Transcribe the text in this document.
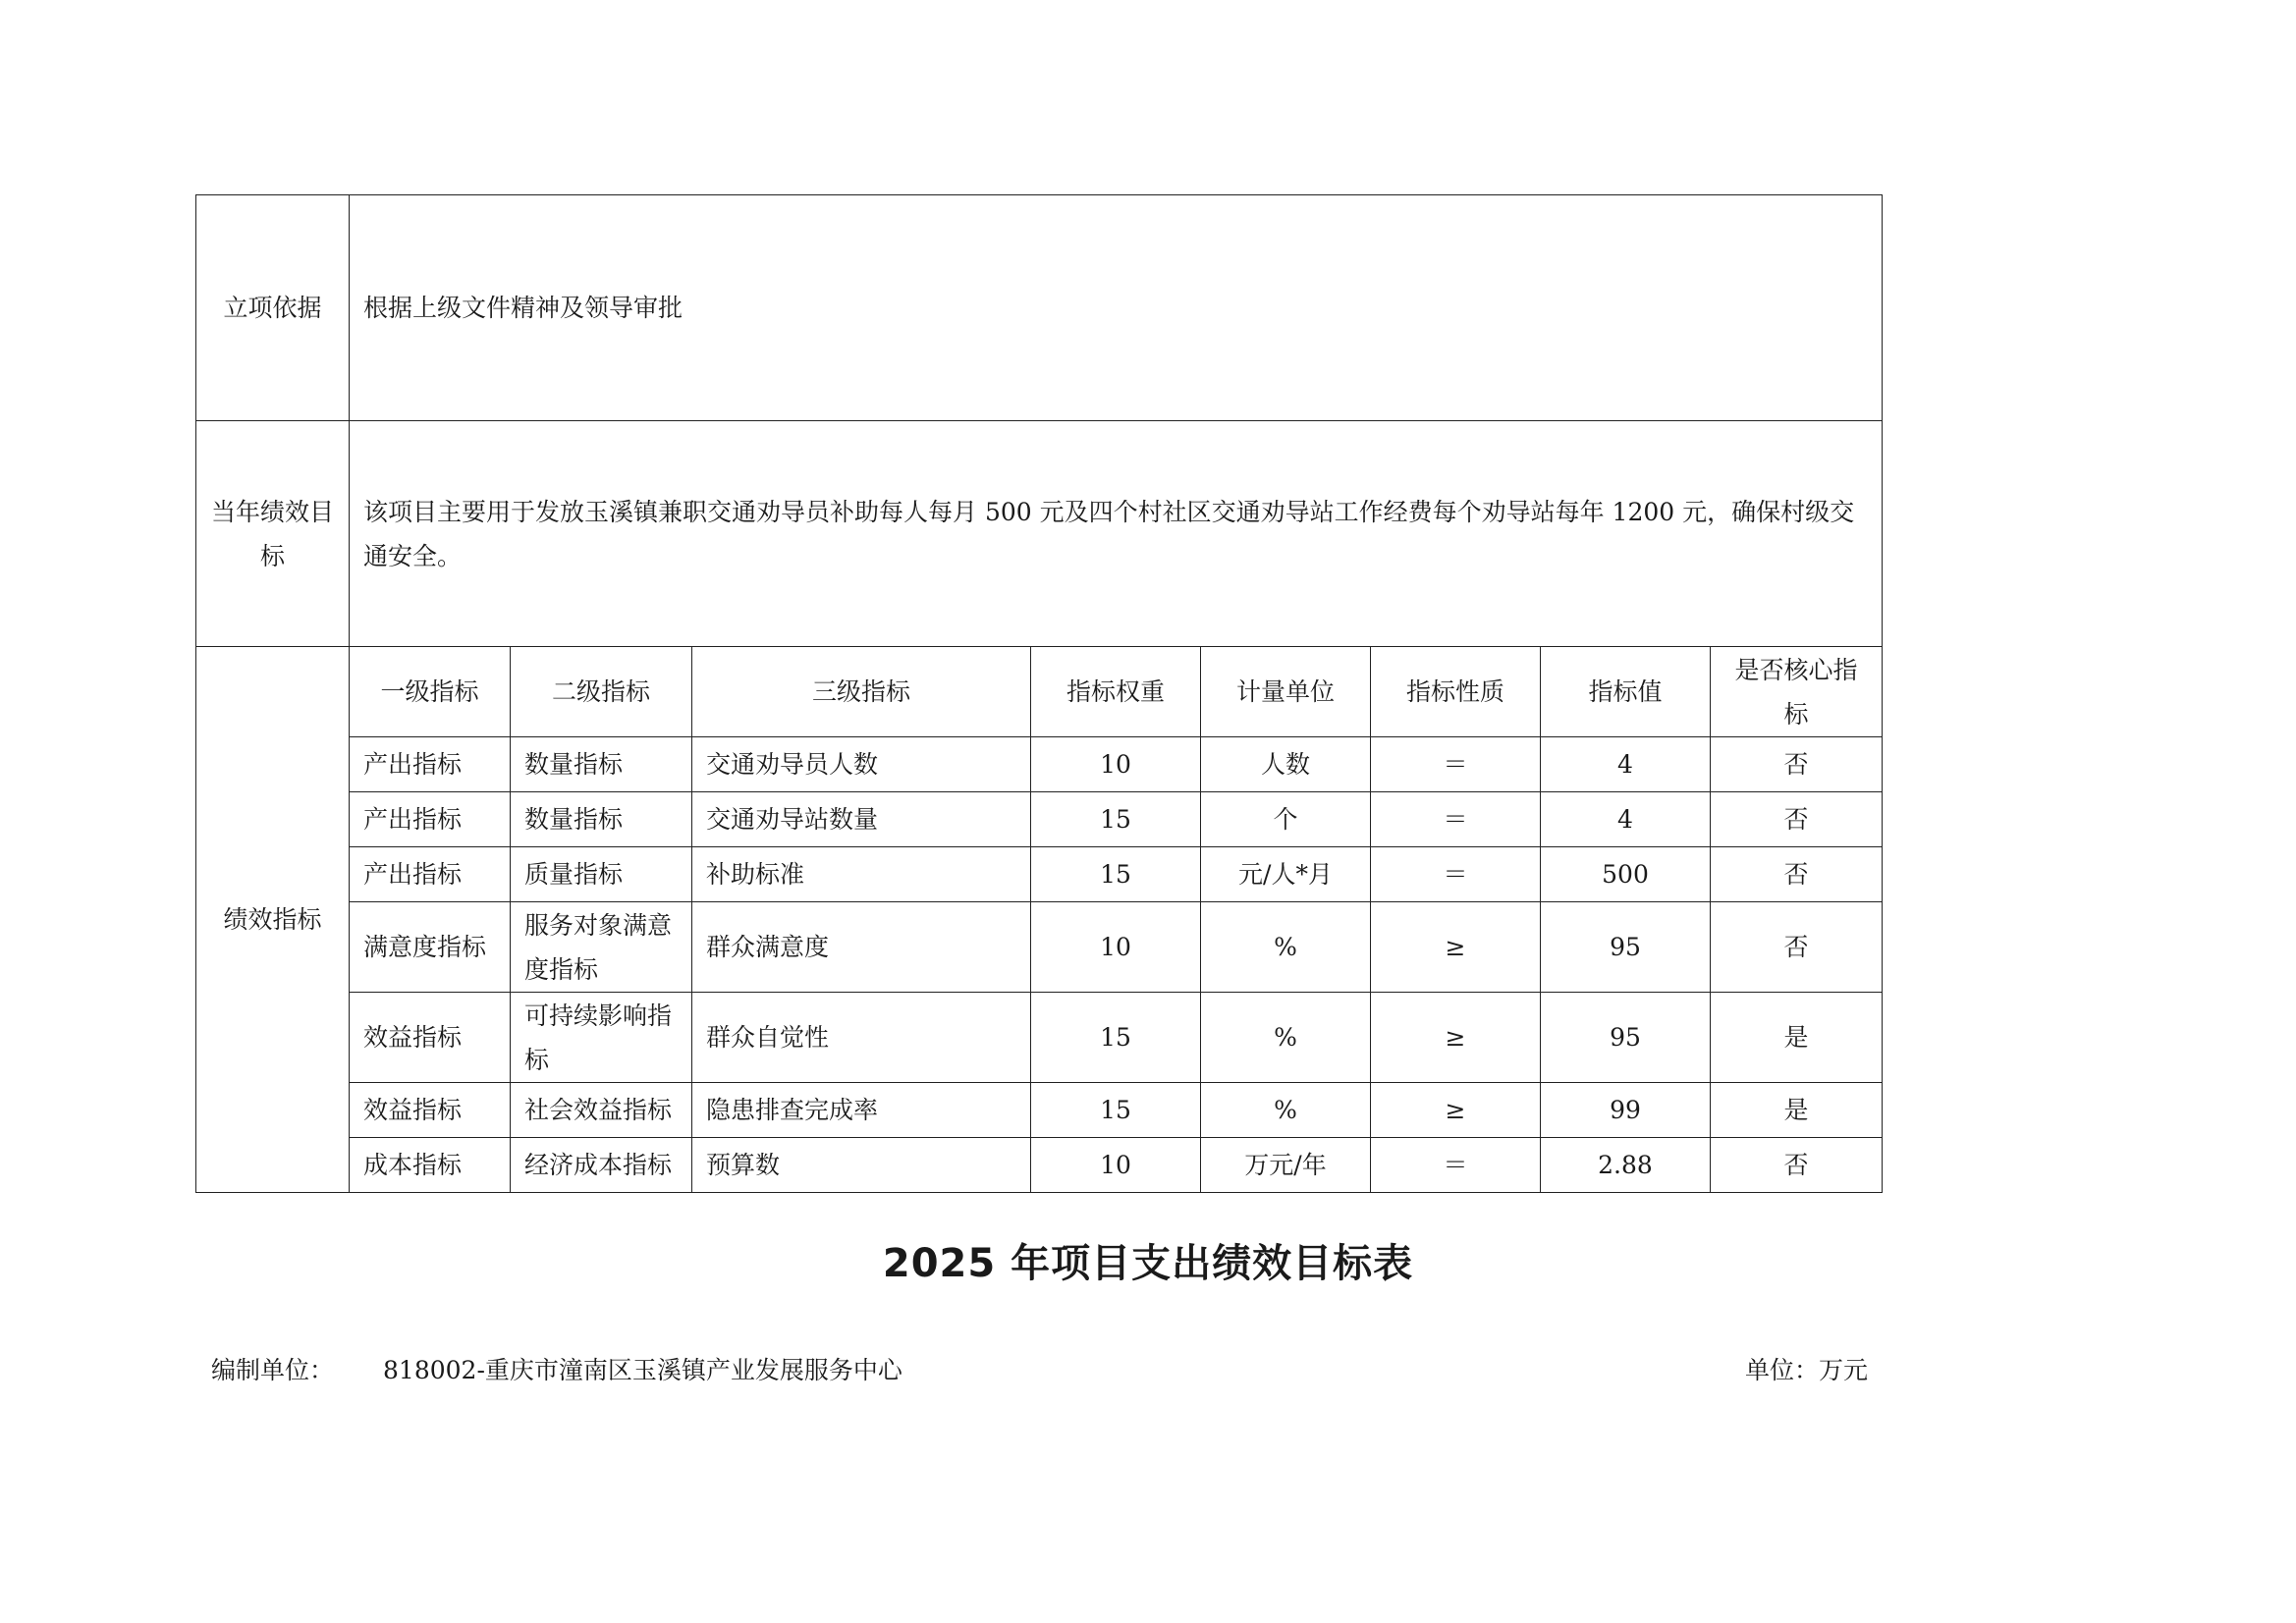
立项依据	根据上级文件精神及领导审批							
当年绩效目标	该项目主要用于发放玉溪镇兼职交通劝导员补助每人每月 500 元及四个村社区交通劝导站工作经费每个劝导站每年 1200 元，确保村级交通安全。							
绩效指标	一级指标	二级指标	三级指标	指标权重	计量单位	指标性质	指标值	是否核心指标
	产出指标	数量指标	交通劝导员人数	10	人数	＝	4	否
	产出指标	数量指标	交通劝导站数量	15	个	＝	4	否
	产出指标	质量指标	补助标准	15	元/人*月	＝	500	否
	满意度指标	服务对象满意度指标	群众满意度	10	%	≥	95	否
	效益指标	可持续影响指标	群众自觉性	15	%	≥	95	是
	效益指标	社会效益指标	隐患排查完成率	15	%	≥	99	是
	成本指标	经济成本指标	预算数	10	万元/年	＝	2.88	否
2025 年项目支出绩效目标表
编制单位： 818002-重庆市潼南区玉溪镇产业发展服务中心	单位：万元
